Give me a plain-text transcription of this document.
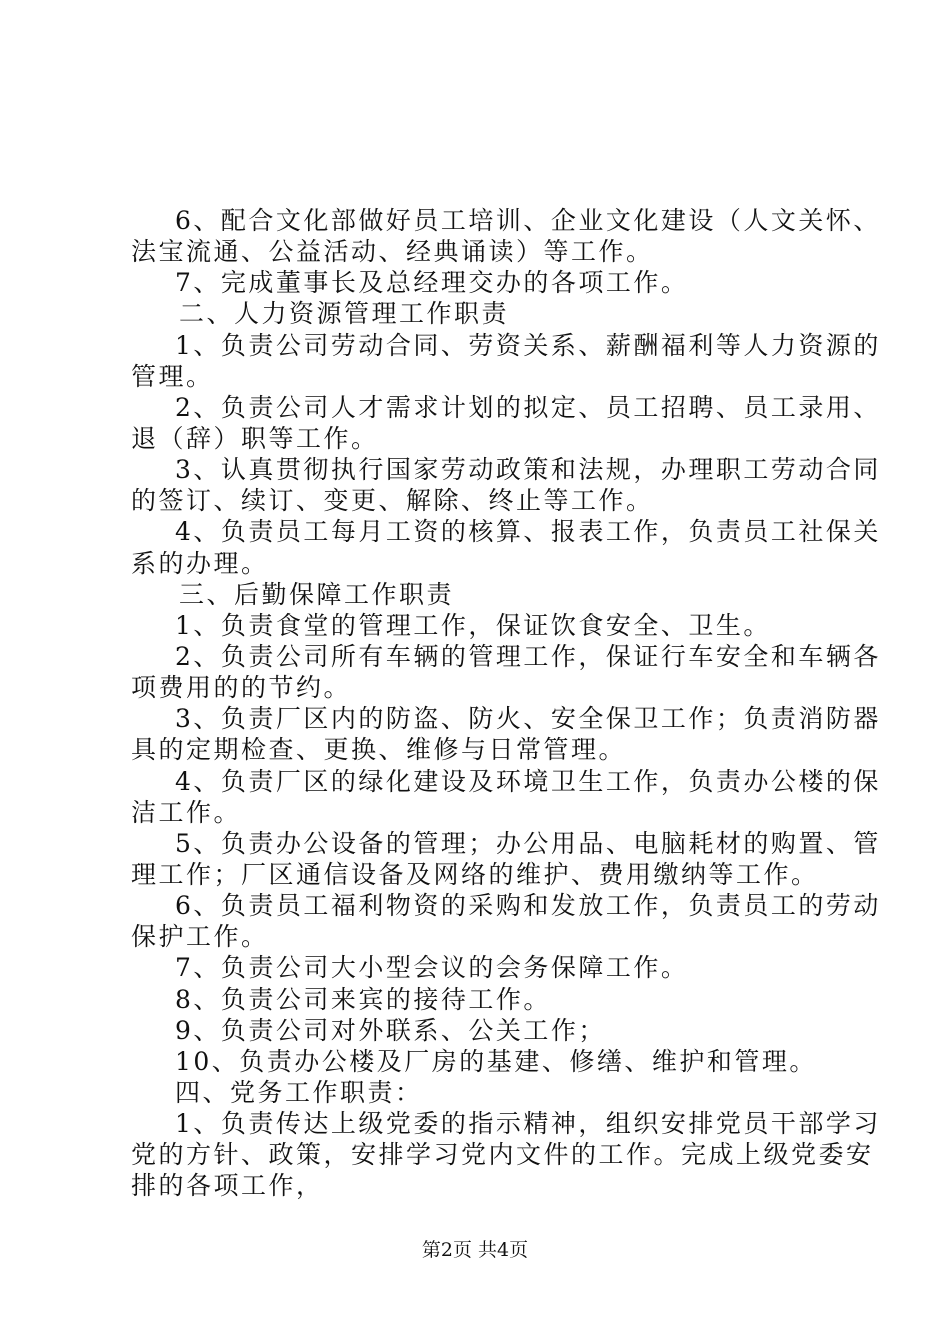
6、配合文化部做好员工培训、企业文化建设（人文关怀、
法宝流通、公益活动、经典诵读）等工作。
7、完成董事长及总经理交办的各项工作。
二、人力资源管理工作职责
1、负责公司劳动合同、劳资关系、薪酬福利等人力资源的
管理。
2、负责公司人才需求计划的拟定、员工招聘、员工录用、
退（辞）职等工作。
3、认真贯彻执行国家劳动政策和法规，办理职工劳动合同
的签订、续订、变更、解除、终止等工作。
4、负责员工每月工资的核算、报表工作，负责员工社保关
系的办理。
三、后勤保障工作职责
1、负责食堂的管理工作，保证饮食安全、卫生。
2、负责公司所有车辆的管理工作，保证行车安全和车辆各
项费用的的节约。
3、负责厂区内的防盗、防火、安全保卫工作；负责消防器
具的定期检查、更换、维修与日常管理。
4、负责厂区的绿化建设及环境卫生工作，负责办公楼的保
洁工作。
5、负责办公设备的管理；办公用品、电脑耗材的购置、管
理工作；厂区通信设备及网络的维护、费用缴纳等工作。
6、负责员工福利物资的采购和发放工作，负责员工的劳动
保护工作。
7、负责公司大小型会议的会务保障工作。
8、负责公司来宾的接待工作。
9、负责公司对外联系、公关工作；
10、负责办公楼及厂房的基建、修缮、维护和管理。
四、党务工作职责：
1、负责传达上级党委的指示精神，组织安排党员干部学习
党的方针、政策，安排学习党内文件的工作。完成上级党委安
排的各项工作，
第2页 共4页
